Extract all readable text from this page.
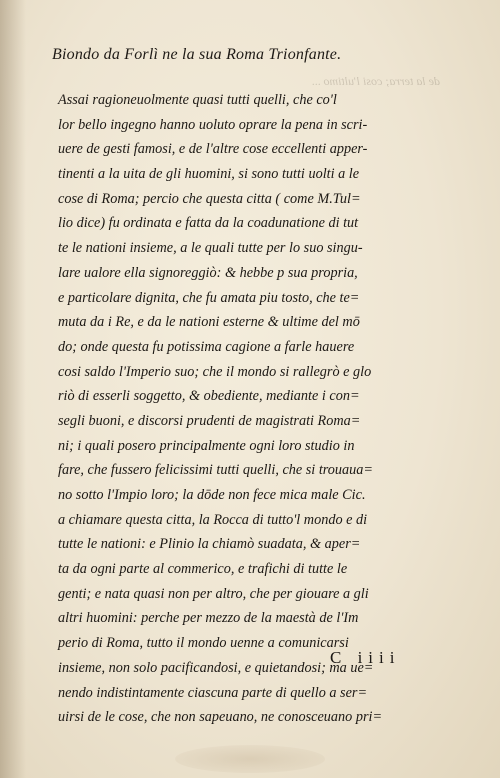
Biondo da Forlì ne la sua Roma Trionfante.
de la terra; cosi l'ultimo ...
Assai ragioneuolmente quasi tutti quelli, che co'l
lor bello ingegno hanno uoluto oprare la pena in scri-
uere de gesti famosi, e de l'altre cose eccellenti apper-
tinenti a la uita de gli huomini, si sono tutti uolti a le
cose di Roma; percio che questa citta ( come M.Tul=
lio dice) fu ordinata e fatta da la coadunatione di tut
te le nationi insieme, a le quali tutte per lo suo singu-
lare ualore ella signoreggiò: & hebbe p sua propria,
e particolare dignita, che fu amata piu tosto, che te=
muta da i Re, e da le nationi esterne & ultime del mō
do; onde questa fu potissima cagione a farle hauere
cosi saldo l'Imperio suo; che il mondo si rallegrò e glo
riò di esserli soggetto, & obediente, mediante i con=
segli buoni, e discorsi prudenti de magistrati Roma=
ni; i quali posero principalmente ogni loro studio in
fare, che fussero felicissimi tutti quelli, che si trouaua=
no sotto l'Impio loro; la dōde non fece mica male Cic.
a chiamare questa citta, la Rocca di tutto'l mondo e di
tutte le nationi: e Plinio la chiamò suadata, & aper=
ta da ogni parte al commerico, e trafichi di tutte le
genti; e nata quasi non per altro, che per giouare a gli
altri huomini: perche per mezzo de la maestà de l'Im
perio di Roma, tutto il mondo uenne a comunicarsi
insieme, non solo pacificandosi, e quietandosi; ma ue=
nendo indistintamente ciascuna parte di quello a ser=
uirsi de le cose, che non sapeuano, ne conosceuano pri=
C iiii
